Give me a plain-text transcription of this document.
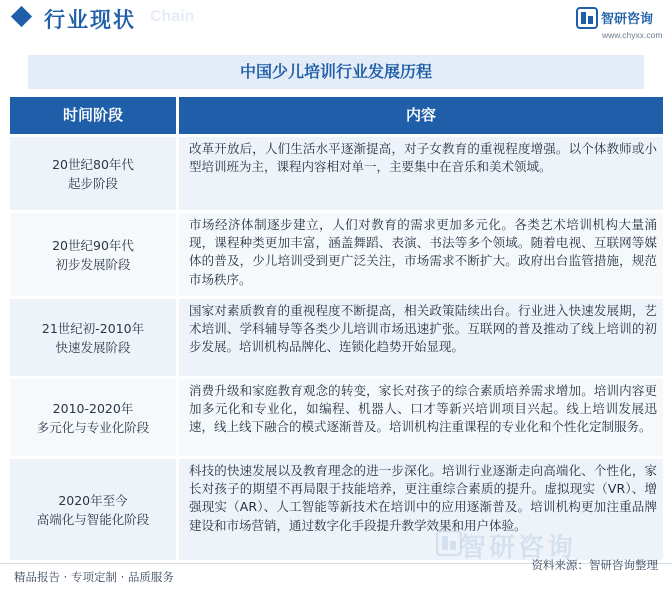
行业现状 Chain	智研咨询
www.chyxx.com
中国少儿培训行业发展历程
时间阶段	内容
20世纪80年代
起步阶段
改革开放后，人们生活水平逐渐提高，对子女教育的重视程度增强。以个体教师或小型培训班为主，课程内容相对单一，主要集中在音乐和美术领域。
20世纪90年代
初步发展阶段
市场经济体制逐步建立，人们对教育的需求更加多元化。各类艺术培训机构大量涌现，课程种类更加丰富，涵盖舞蹈、表演、书法等多个领域。随着电视、互联网等媒体的普及，少儿培训受到更广泛关注，市场需求不断扩大。政府出台监管措施，规范市场秩序。
21世纪初-2010年
快速发展阶段
国家对素质教育的重视程度不断提高，相关政策陆续出台。行业进入快速发展期，艺术培训、学科辅导等各类少儿培训市场迅速扩张。互联网的普及推动了线上培训的初步发展。培训机构品牌化、连锁化趋势开始显现。
2010-2020年
多元化与专业化阶段
消费升级和家庭教育观念的转变，家长对孩子的综合素质培养需求增加。培训内容更加多元化和专业化，如编程、机器人、口才等新兴培训项目兴起。线上培训发展迅速，线上线下融合的模式逐渐普及。培训机构注重课程的专业化和个性化定制服务。
2020年至今
高端化与智能化阶段
科技的快速发展以及教育理念的进一步深化。培训行业逐渐走向高端化、个性化，家长对孩子的期望不再局限于技能培养，更注重综合素质的提升。虚拟现实（VR）、增强现实（AR）、人工智能等新技术在培训中的应用逐渐普及。培训机构更加注重品牌建设和市场营销，通过数字化手段提升教学效果和用户体验。
智研咨询
精品报告 · 专项定制 · 品质服务
资料来源：智研咨询整理
